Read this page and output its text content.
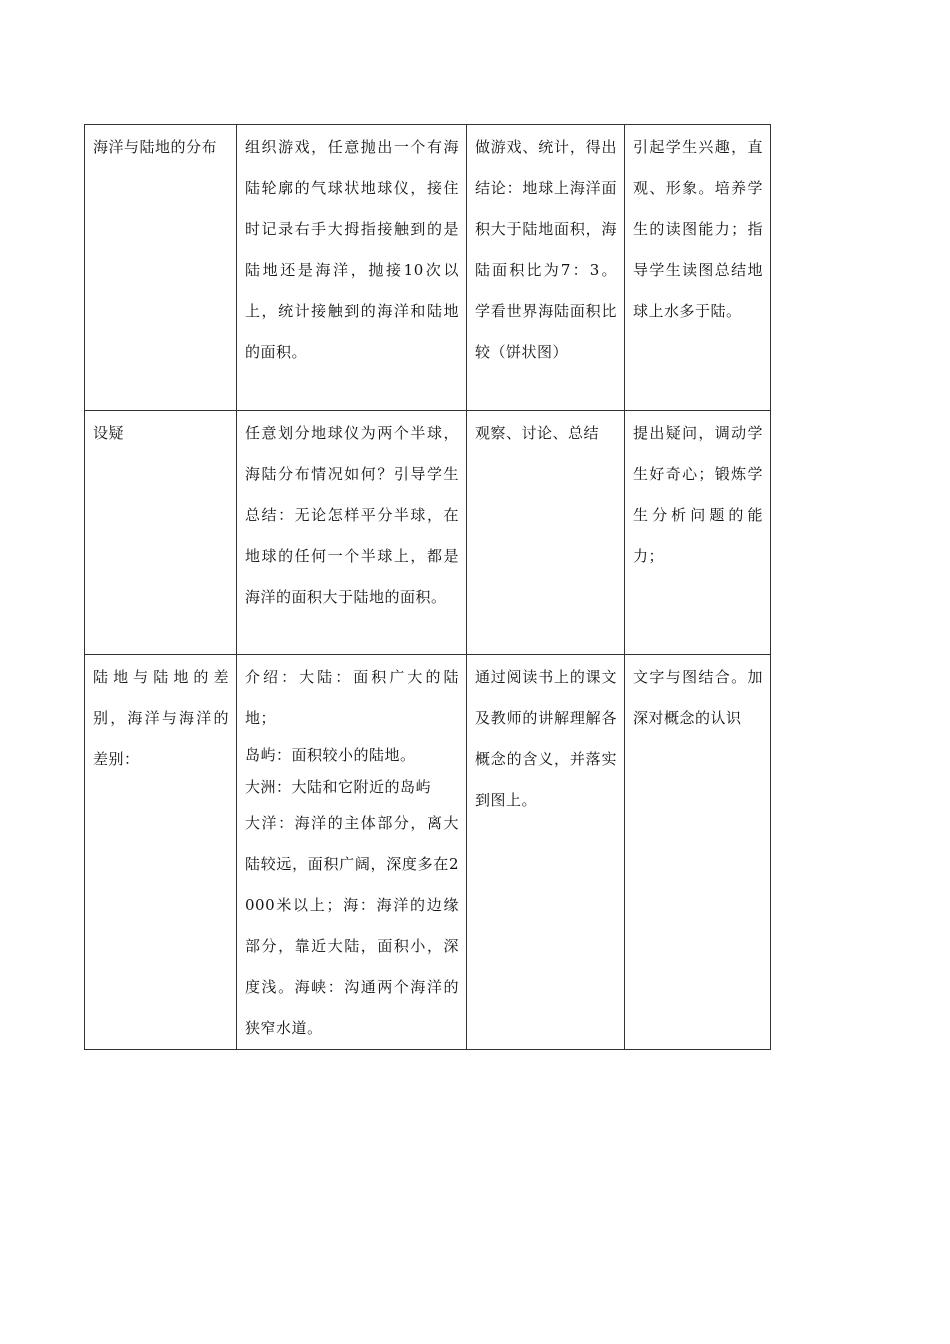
海洋与陆地的分布	组织游戏，任意抛出一个有海陆轮廓的气球状地球仪，接住时记录右手大拇指接触到的是陆地还是海洋，抛接10次以上，统计接触到的海洋和陆地的面积。	做游戏、统计，得出结论：地球上海洋面积大于陆地面积，海陆面积比为7：3。学看世界海陆面积比较（饼状图）	引起学生兴趣，直观、形象。培养学生的读图能力；指导学生读图总结地球上水多于陆。

设疑	任意划分地球仪为两个半球，海陆分布情况如何？引导学生总结：无论怎样平分半球，在地球的任何一个半球上，都是海洋的面积大于陆地的面积。	观察、讨论、总结	提出疑问，调动学生好奇心；锻炼学生分析问题的能力；

陆地与陆地的差别，海洋与海洋的差别：	介绍：大陆：面积广大的陆地；
岛屿：面积较小的陆地。
大洲：大陆和它附近的岛屿
大洋：海洋的主体部分，离大陆较远，面积广阔，深度多在2000米以上；海：海洋的边缘部分，靠近大陆，面积小，深度浅。海峡：沟通两个海洋的狭窄水道。	通过阅读书上的课文及教师的讲解理解各概念的含义，并落实到图上。	文字与图结合。加深对概念的认识
